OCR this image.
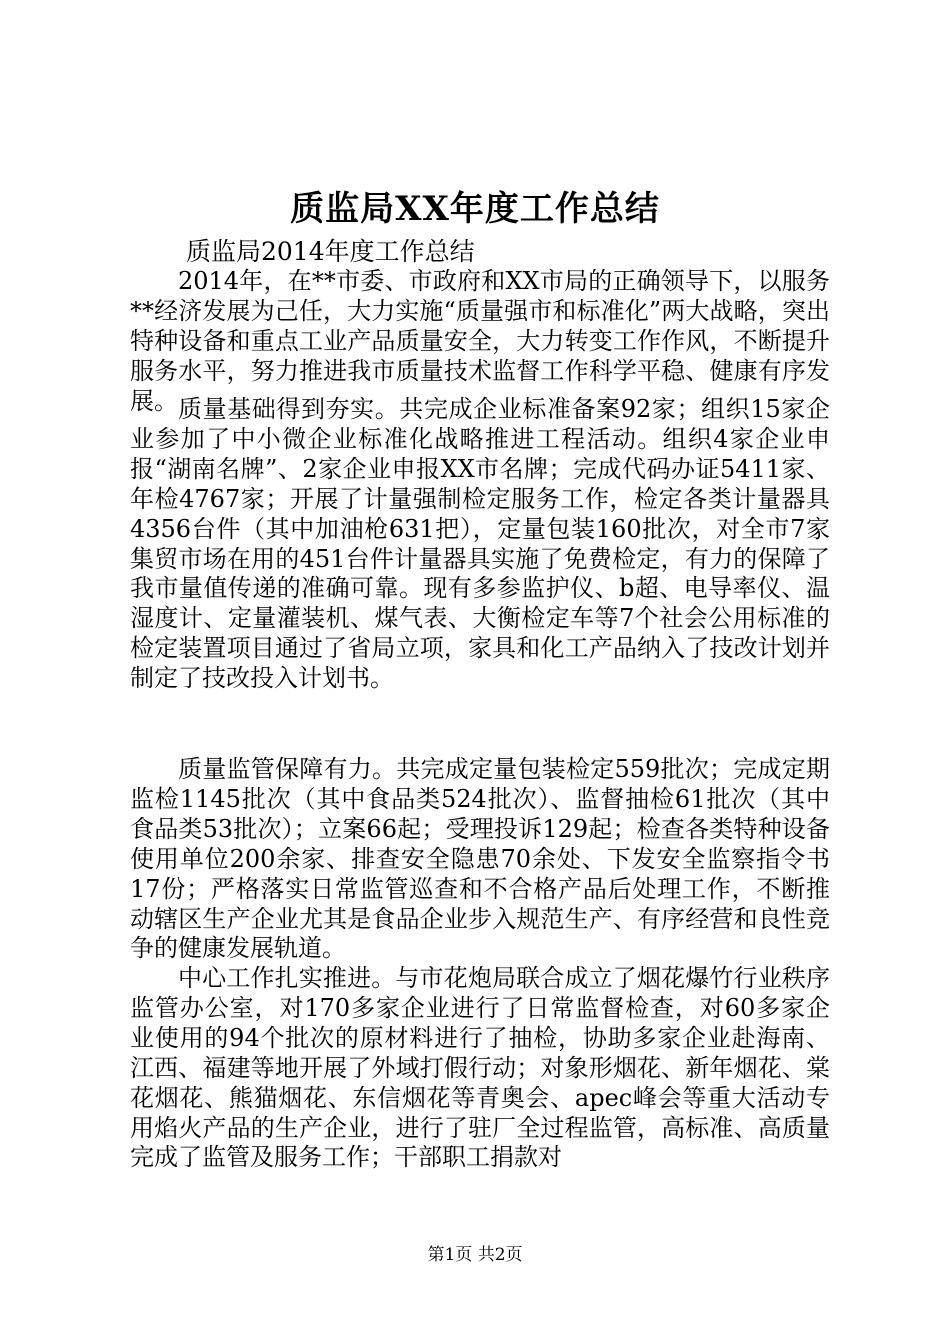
质监局XX年度工作总结

质监局2014年度工作总结

2014年，在**市委、市政府和XX市局的正确领导下，以服务**经济发展为己任，大力实施“质量强市和标准化”两大战略，突出特种设备和重点工业产品质量安全，大力转变工作作风，不断提升服务水平，努力推进我市质量技术监督工作科学平稳、健康有序发展。 质量基础得到夯实。共完成企业标准备案92家；组织15家企业参加了中小微企业标准化战略推进工程活动。组织4家企业申报“湖南名牌”、2家企业申报XX市名牌；完成代码办证5411家、年检4767家；开展了计量强制检定服务工作，检定各类计量器具4356台件（其中加油枪631把），定量包装160批次，对全市7家集贸市场在用的451台件计量器具实施了免费检定，有力的保障了我市量值传递的准确可靠。现有多参监护仪、b超、电导率仪、温湿度计、定量灌装机、煤气表、大衡检定车等7个社会公用标准的检定装置项目通过了省局立项，家具和化工产品纳入了技改计划并制定了技改投入计划书。

质量监管保障有力。共完成定量包装检定559批次；完成定期监检1145批次（其中食品类524批次）、监督抽检61批次（其中食品类53批次）；立案66起；受理投诉129起；检查各类特种设备使用单位200余家、排查安全隐患70余处、下发安全监察指令书17份；严格落实日常监管巡查和不合格产品后处理工作，不断推动辖区生产企业尤其是食品企业步入规范生产、有序经营和良性竞争的健康发展轨道。

中心工作扎实推进。与市花炮局联合成立了烟花爆竹行业秩序监管办公室，对170多家企业进行了日常监督检查，对60多家企业使用的94个批次的原材料进行了抽检，协助多家企业赴海南、江西、福建等地开展了外域打假行动；对象形烟花、新年烟花、棠花烟花、熊猫烟花、东信烟花等青奥会、apec峰会等重大活动专用焰火产品的生产企业，进行了驻厂全过程监管，高标准、高质量完成了监管及服务工作；干部职工捐款对

第1页 共2页
